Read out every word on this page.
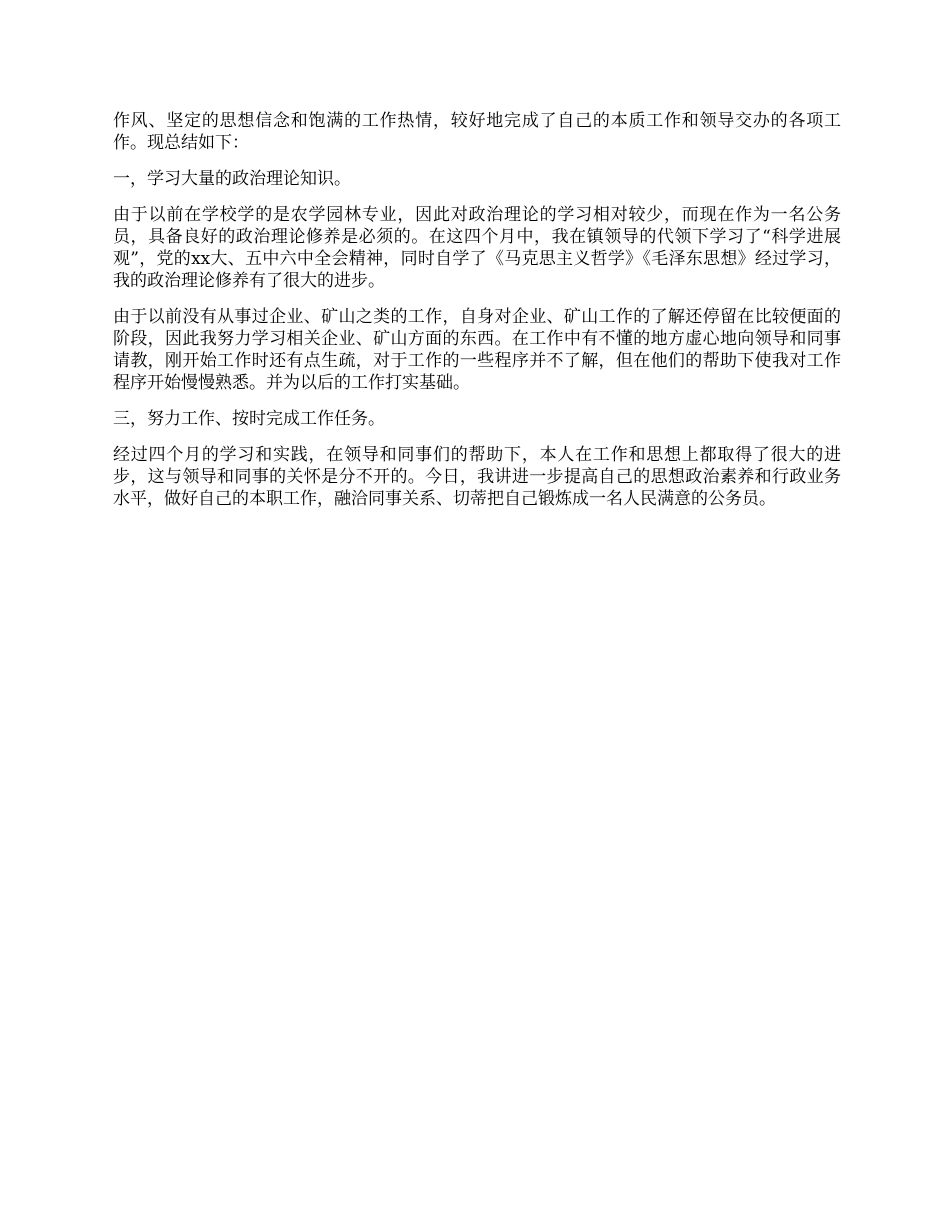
作风、坚定的思想信念和饱满的工作热情，较好地完成了自己的本质工作和领导交办的各项工作。现总结如下：

一，学习大量的政治理论知识。

由于以前在学校学的是农学园林专业，因此对政治理论的学习相对较少，而现在作为一名公务员，具备良好的政治理论修养是必须的。在这四个月中，我在镇领导的代领下学习了“科学进展观”，党的xx大、五中六中全会精神，同时自学了《马克思主义哲学》《毛泽东思想》经过学习，我的政治理论修养有了很大的进步。

由于以前没有从事过企业、矿山之类的工作，自身对企业、矿山工作的了解还停留在比较便面的阶段，因此我努力学习相关企业、矿山方面的东西。在工作中有不懂的地方虚心地向领导和同事请教，刚开始工作时还有点生疏，对于工作的一些程序并不了解，但在他们的帮助下使我对工作程序开始慢慢熟悉。并为以后的工作打实基础。

三，努力工作、按时完成工作任务。

经过四个月的学习和实践，在领导和同事们的帮助下，本人在工作和思想上都取得了很大的进步，这与领导和同事的关怀是分不开的。今日，我讲进一步提高自己的思想政治素养和行政业务水平，做好自己的本职工作，融洽同事关系、切蒂把自己锻炼成一名人民满意的公务员。
